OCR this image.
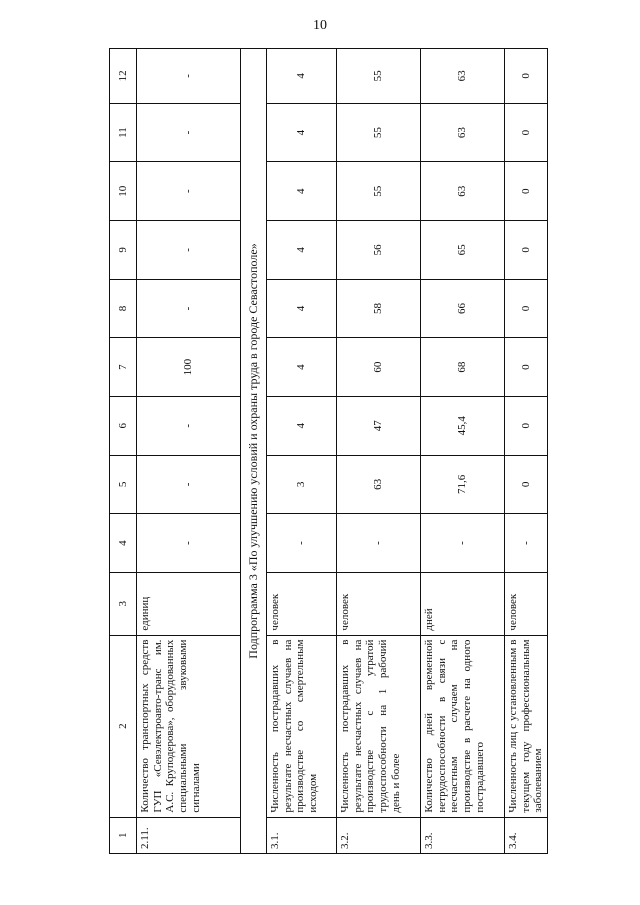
10
1	2	3	4	5	6	7	8	9	10	11	12
2.11.	Количество транспортных средств ГУП «Севэлектроавто-транс им. А.С. Круподерова», оборудованных специальными звуковыми сигналами	единиц	-	-	-	100	-	-	-	-	-
Подпрограмма 3 «По улучшению условий и охраны труда в городе Севастополе»											
3.1.	Численность пострадавших в результате несчастных случаев на производстве со смертельным исходом	человек	-	3	4	4	4	4	4	4	4
3.2.	Численность пострадавших в результате несчастных случаев на производстве с утратой трудоспособности на 1 рабочий день и более	человек	-	63	47	60	58	56	55	55	55
3.3.	Количество дней временной нетрудоспособности в связи с несчастным случаем на производстве в расчете на одного пострадавшего	дней	-	71,6	45,4	68	66	65	63	63	63
3.4.	Численность лиц с установленным в текущем году профессиональным заболеванием	человек	-	0	0	0	0	0	0	0	0
